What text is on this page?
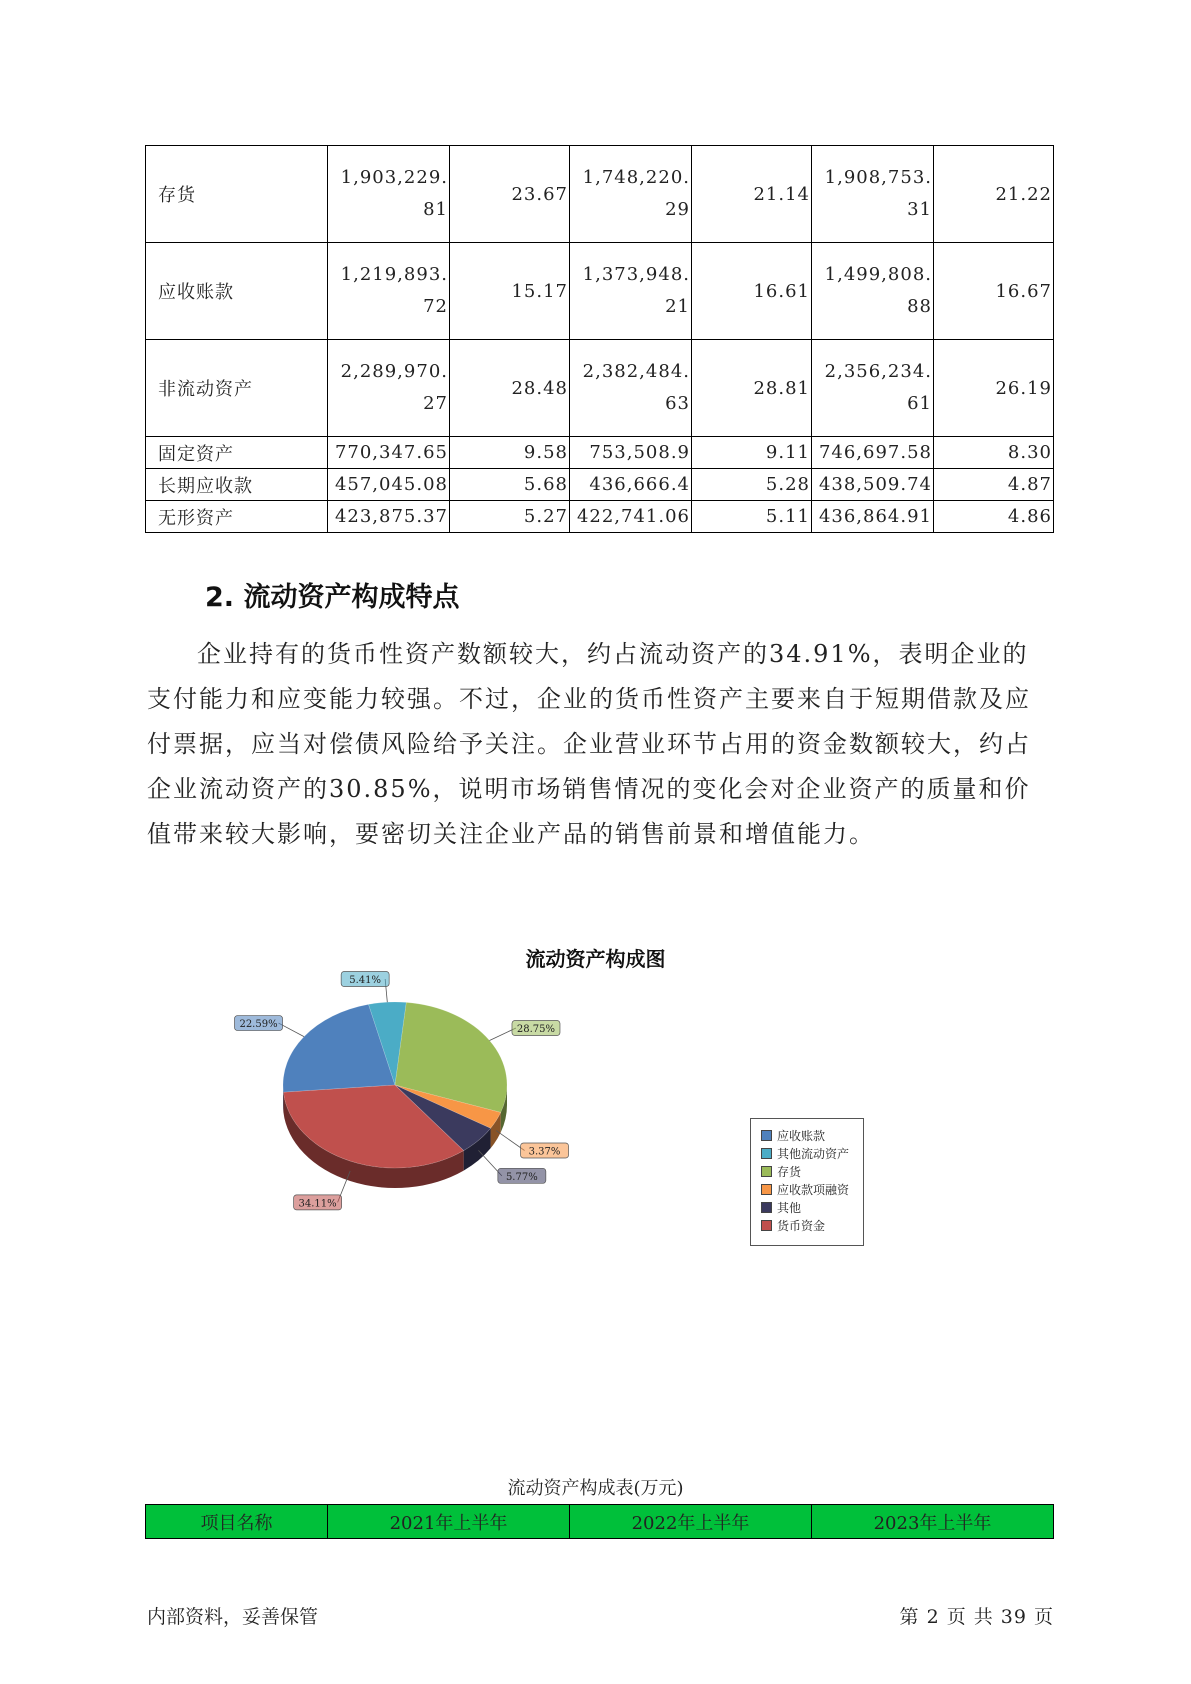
存货	1,903,229.81	23.67	1,748,220.29	21.14	1,908,753.31	21.22
应收账款	1,219,893.72	15.17	1,373,948.21	16.61	1,499,808.88	16.67
非流动资产	2,289,970.27	28.48	2,382,484.63	28.81	2,356,234.61	26.19
固定资产	770,347.65	9.58	753,508.9	9.11	746,697.58	8.30
长期应收款	457,045.08	5.68	436,666.4	5.28	438,509.74	4.87
无形资产	423,875.37	5.27	422,741.06	5.11	436,864.91	4.86
2. 流动资产构成特点

企业持有的货币性资产数额较大，约占流动资产的34.91%，表明企业的支付能力和应变能力较强。不过，企业的货币性资产主要来自于短期借款及应付票据，应当对偿债风险给予关注。企业营业环节占用的资金数额较大，约占企业流动资产的30.85%，说明市场销售情况的变化会对企业资产的质量和价值带来较大影响，要密切关注企业产品的销售前景和增值能力。

流动资产构成图
22.59%
5.41%
28.75%
3.37%
5.77%
34.11%
应收账款
其他流动资产
存货
应收款项融资
其他
货币资金
流动资产构成表(万元)
项目名称	2021年上半年	2022年上半年	2023年上半年
内部资料，妥善保管	第 2 页 共 39 页
